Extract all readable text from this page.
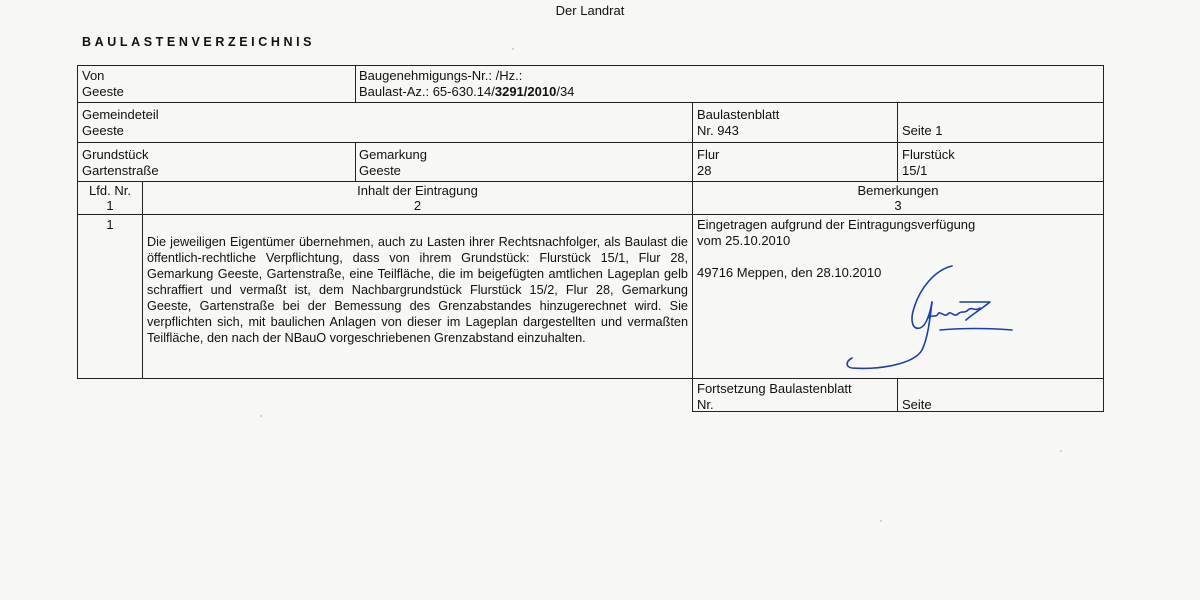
Der Landrat
BAULASTENVERZEICHNIS
Von
Geeste
Baugenehmigungs-Nr.: /Hz.:
Baulast-Az.: 65-630.14/3291/2010/34
Gemeindeteil
Geeste
Baulastenblatt
Nr. 943	Seite 1
Grundstück
Gartenstraße
Gemarkung
Geeste
Flur
28
Flurstück
15/1
Lfd. Nr.
1
Inhalt der Eintragung
2
Bemerkungen
3
1
Die jeweiligen Eigentümer übernehmen, auch zu Lasten ihrer Rechtsnachfolger, als Baulast die öffentlich-rechtliche Verpflichtung, dass von ihrem Grundstück: Flurstück 15/1, Flur 28, Gemarkung Geeste, Gartenstraße, eine Teilfläche, die im beigefügten amtlichen Lageplan gelb schraffiert und vermaßt ist, dem Nachbargrundstück Flurstück 15/2, Flur 28, Gemarkung Geeste, Gartenstraße bei der Bemessung des Grenzabstandes hinzugerechnet wird. Sie verpflichten sich, mit baulichen Anlagen von dieser im Lageplan dargestellten und vermaßten Teilfläche, den nach der NBauO vorgeschriebenen Grenzabstand einzuhalten.
Eingetragen aufgrund der Eintragungsverfügung
vom 25.10.2010
49716 Meppen, den 28.10.2010
Fortsetzung Baulastenblatt
Nr.	Seite
